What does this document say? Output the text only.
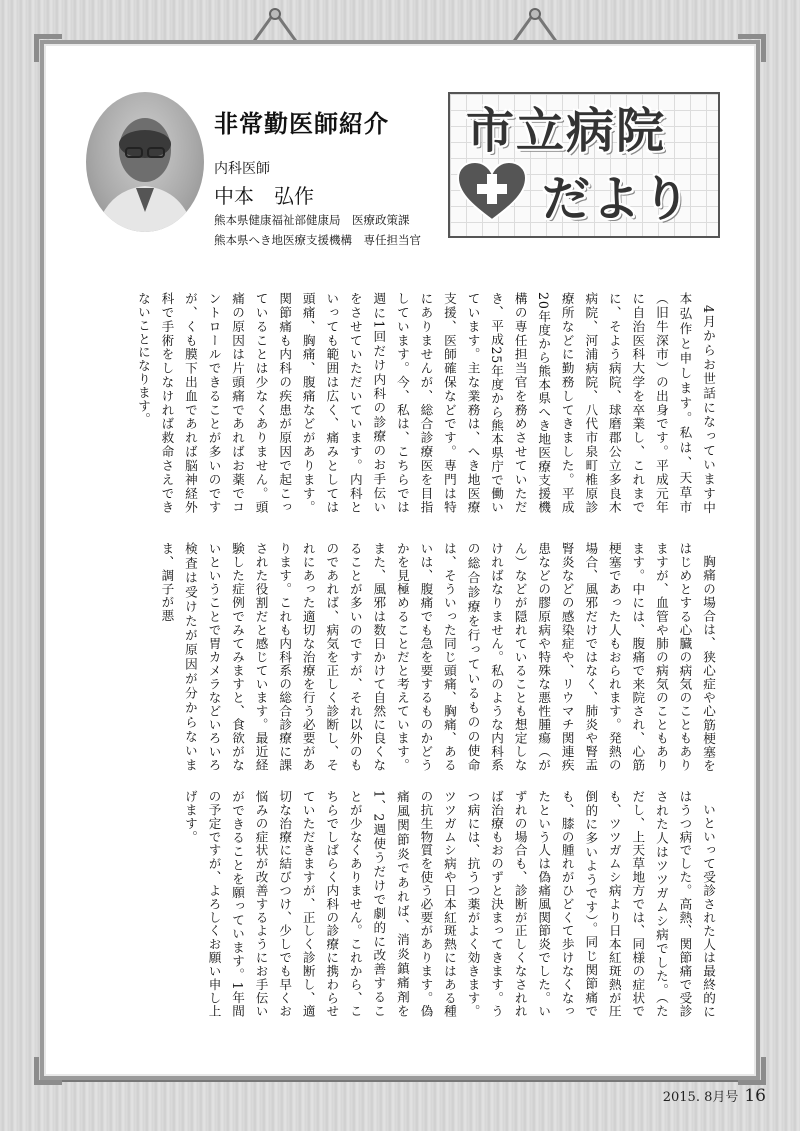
非常勤医師紹介
内科医師
中本　弘作
熊本県健康福祉部健康局　医療政策課
熊本県へき地医療支援機構　専任担当官
市立病院
だより

4月からお世話になっています中本弘作と申します。私は、天草市（旧牛深市）の出身です。平成元年に自治医科大学を卒業し、これまでに、そよう病院、球磨郡公立多良木病院、河浦病院、八代市泉町椎原診療所などに勤務してきました。平成20年度から熊本県へき地医療支援機構の専任担当官を務めさせていただき、平成25年度から熊本県庁で働いています。主な業務は、へき地医療支援、医師確保などです。専門は特にありませんが、総合診療医を目指しています。今、私は、こちらでは週に1回だけ内科の診療のお手伝いをさせていただいています。内科といっても範囲は広く、痛みとしては頭痛、胸痛、腹痛などがあります。関節痛も内科の疾患が原因で起こっていることは少なくありません。頭痛の原因は片頭痛であればお薬でコントロールできることが多いのですが、くも膜下出血であれば脳神経外科で手術をしなければ救命さえできないことになります。

胸痛の場合は、狭心症や心筋梗塞をはじめとする心臓の病気のこともありますが、血管や肺の病気のこともあります。中には、腹痛で来院され、心筋梗塞であった人もおられます。発熱の場合、風邪だけではなく、肺炎や腎盂腎炎などの感染症や、リウマチ関連疾患などの膠原病や特殊な悪性腫瘍（がん）などが隠れていることも想定しなければなりません。私のような内科系の総合診療を行っているものの使命は、そういった同じ頭痛、胸痛、あるいは、腹痛でも急を要するものかどうかを見極めることだと考えています。また、風邪は数日かけて自然に良くなることが多いのですが、それ以外のものであれば、病気を正しく診断し、それにあった適切な治療を行う必要があります。これも内科系の総合診療に課された役割だと感じています。最近経験した症例でみてみますと、食欲がないということで胃カメラなどいろいろ検査は受けたが原因が分からないまま、調子が悪

いといって受診された人は最終的にはうつ病でした。高熱、関節痛で受診された人はツツガムシ病でした。（ただし、上天草地方では、同様の症状でも、ツツガムシ病より日本紅斑熱が圧倒的に多いようです）。同じ関節痛でも、膝の腫れがひどくて歩けなくなったという人は偽痛風関節炎でした。いずれの場合も、診断が正しくなされれば治療もおのずと決まってきます。うつ病には、抗うつ薬がよく効きます。ツツガムシ病や日本紅斑熱にはある種の抗生物質を使う必要があります。偽痛風関節炎であれば、消炎鎮痛剤を1、2週使うだけで劇的に改善することが少なくありません。これから、こちらでしばらく内科の診療に携わらせていただきますが、正しく診断し、適切な治療に結びつけ、少しでも早くお悩みの症状が改善するようにお手伝いができることを願っています。1年間の予定ですが、よろしくお願い申し上げます。

2015. 8月号 16
